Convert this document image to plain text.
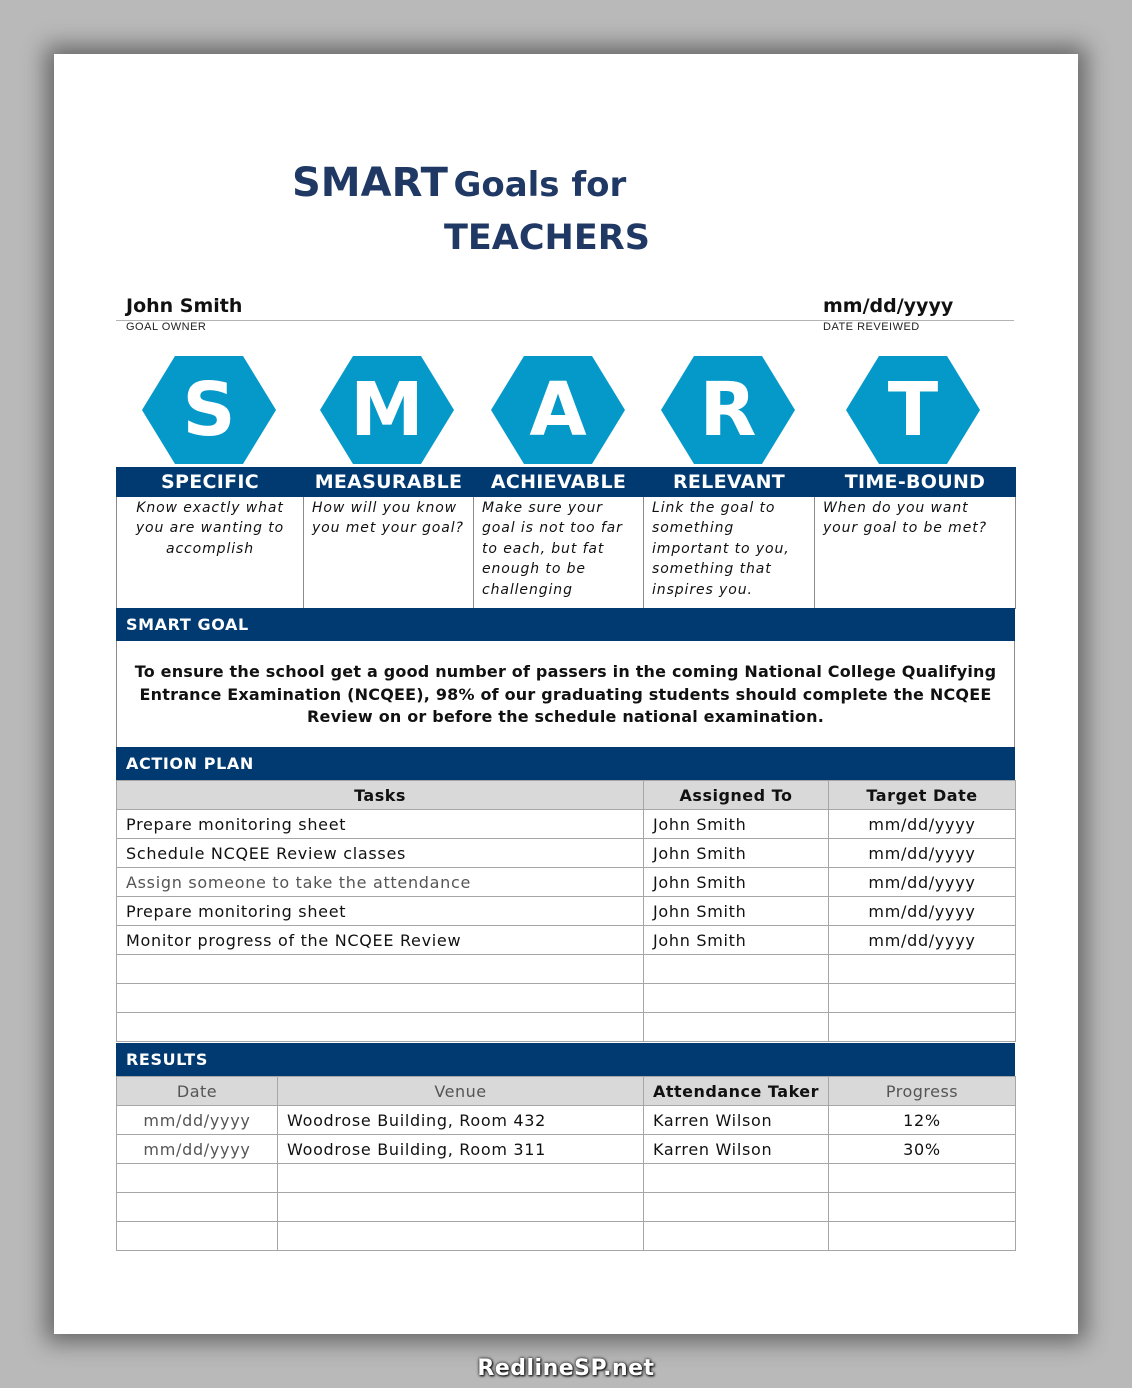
SMART Goals for
TEACHERS
John Smith
GOAL OWNER
mm/dd/yyyy
DATE REVEIWED
S	M	A	R	T
SPECIFIC	MEASURABLE	ACHIEVABLE	RELEVANT	TIME-BOUND
Know exactly what you are wanting to accomplish	How will you know you met your goal?	Make sure your goal is not too far to each, but fat enough to be challenging	Link the goal to something important to you, something that inspires you.	When do you want your goal to be met?
SMART GOAL
To ensure the school get a good number of passers in the coming National College Qualifying Entrance Examination (NCQEE), 98% of our graduating students should complete the NCQEE Review on or before the schedule national examination.
ACTION PLAN
Tasks	Assigned To	Target Date
Prepare monitoring sheet	John Smith	mm/dd/yyyy
Schedule NCQEE Review classes	John Smith	mm/dd/yyyy
Assign someone to take the attendance	John Smith	mm/dd/yyyy
Prepare monitoring sheet	John Smith	mm/dd/yyyy
Monitor progress of the NCQEE Review	John Smith	mm/dd/yyyy

RESULTS
Date	Venue	Attendance Taker	Progress
mm/dd/yyyy	Woodrose Building, Room 432	Karren Wilson	12%
mm/dd/yyyy	Woodrose Building, Room 311	Karren Wilson	30%

RedlineSP.net
